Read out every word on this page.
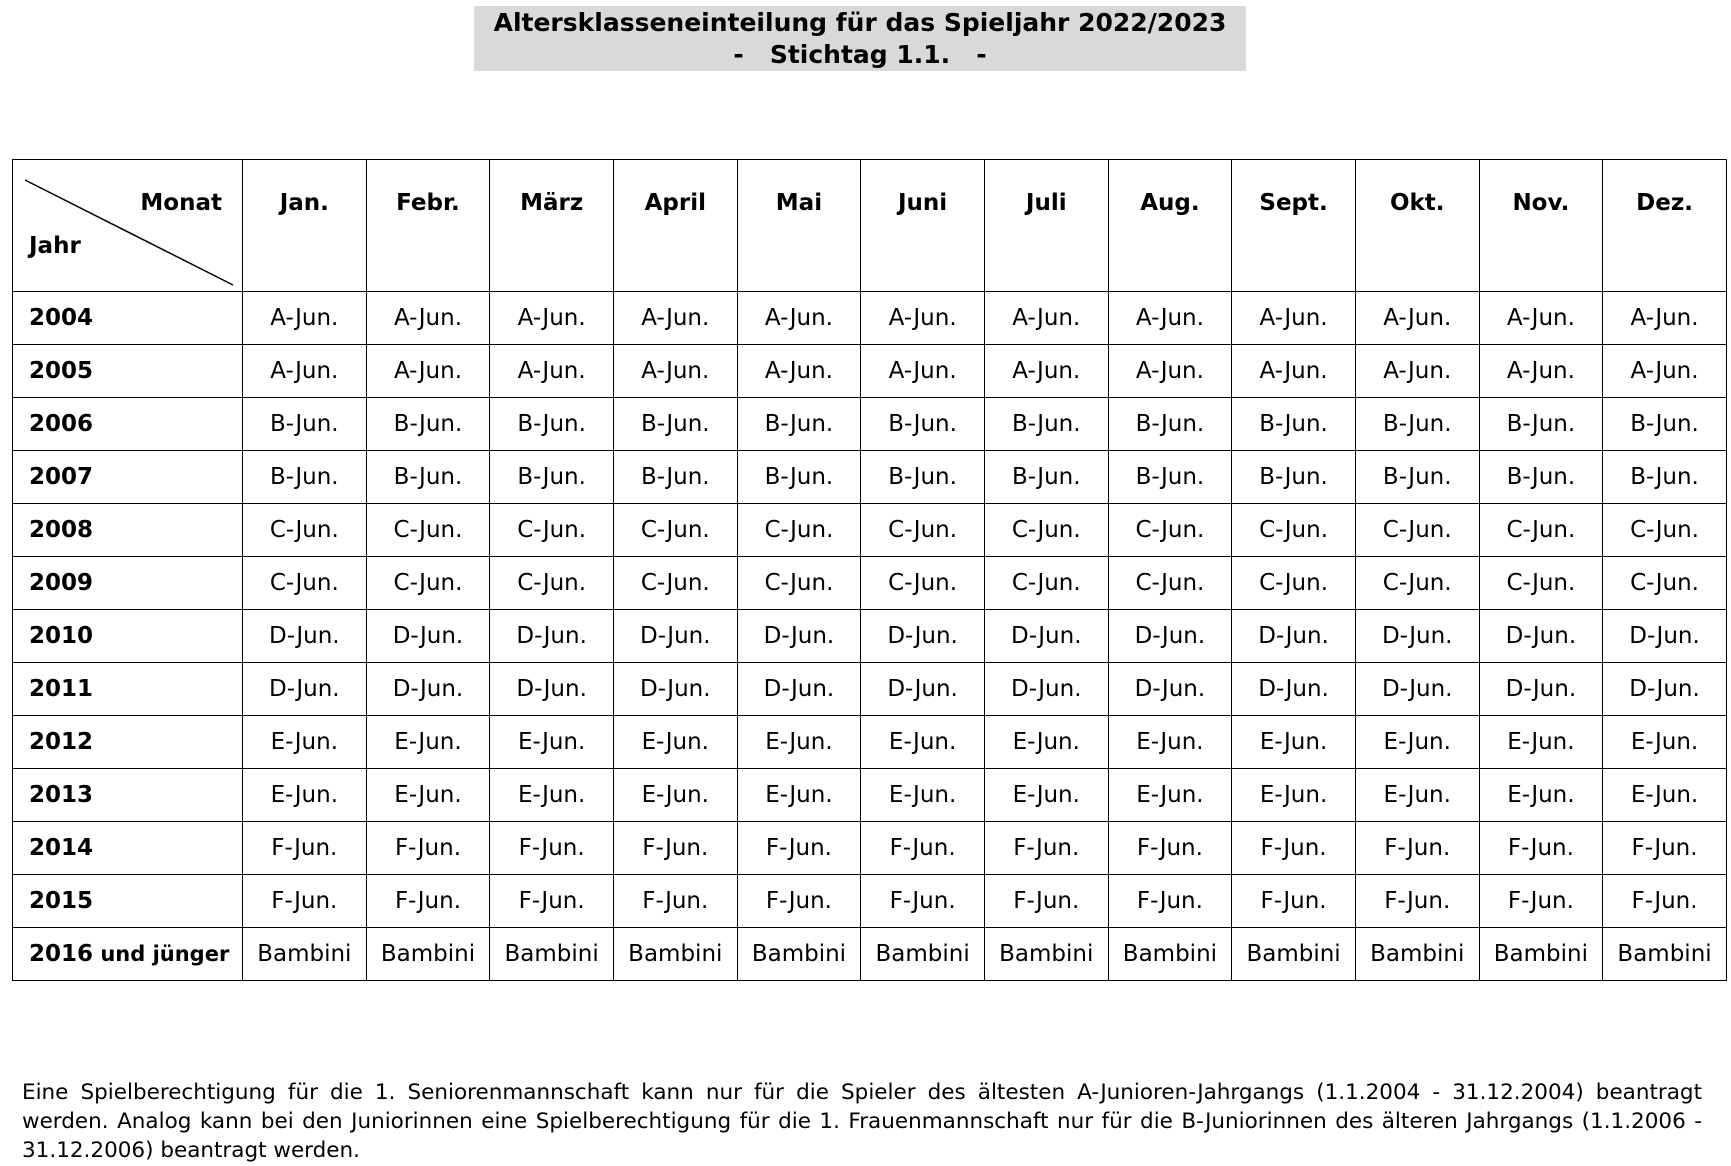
Altersklasseneinteilung für das Spieljahr 2022/2023
-   Stichtag 1.1.   -
Monat
Jahr	Jan.	Febr.	März	April	Mai	Juni	Juli	Aug.	Sept.	Okt.	Nov.	Dez.
2004	A-Jun.	A-Jun.	A-Jun.	A-Jun.	A-Jun.	A-Jun.	A-Jun.	A-Jun.	A-Jun.	A-Jun.	A-Jun.	A-Jun.
2005	A-Jun.	A-Jun.	A-Jun.	A-Jun.	A-Jun.	A-Jun.	A-Jun.	A-Jun.	A-Jun.	A-Jun.	A-Jun.	A-Jun.
2006	B-Jun.	B-Jun.	B-Jun.	B-Jun.	B-Jun.	B-Jun.	B-Jun.	B-Jun.	B-Jun.	B-Jun.	B-Jun.	B-Jun.
2007	B-Jun.	B-Jun.	B-Jun.	B-Jun.	B-Jun.	B-Jun.	B-Jun.	B-Jun.	B-Jun.	B-Jun.	B-Jun.	B-Jun.
2008	C-Jun.	C-Jun.	C-Jun.	C-Jun.	C-Jun.	C-Jun.	C-Jun.	C-Jun.	C-Jun.	C-Jun.	C-Jun.	C-Jun.
2009	C-Jun.	C-Jun.	C-Jun.	C-Jun.	C-Jun.	C-Jun.	C-Jun.	C-Jun.	C-Jun.	C-Jun.	C-Jun.	C-Jun.
2010	D-Jun.	D-Jun.	D-Jun.	D-Jun.	D-Jun.	D-Jun.	D-Jun.	D-Jun.	D-Jun.	D-Jun.	D-Jun.	D-Jun.
2011	D-Jun.	D-Jun.	D-Jun.	D-Jun.	D-Jun.	D-Jun.	D-Jun.	D-Jun.	D-Jun.	D-Jun.	D-Jun.	D-Jun.
2012	E-Jun.	E-Jun.	E-Jun.	E-Jun.	E-Jun.	E-Jun.	E-Jun.	E-Jun.	E-Jun.	E-Jun.	E-Jun.	E-Jun.
2013	E-Jun.	E-Jun.	E-Jun.	E-Jun.	E-Jun.	E-Jun.	E-Jun.	E-Jun.	E-Jun.	E-Jun.	E-Jun.	E-Jun.
2014	F-Jun.	F-Jun.	F-Jun.	F-Jun.	F-Jun.	F-Jun.	F-Jun.	F-Jun.	F-Jun.	F-Jun.	F-Jun.	F-Jun.
2015	F-Jun.	F-Jun.	F-Jun.	F-Jun.	F-Jun.	F-Jun.	F-Jun.	F-Jun.	F-Jun.	F-Jun.	F-Jun.	F-Jun.
2016 und jünger	Bambini	Bambini	Bambini	Bambini	Bambini	Bambini	Bambini	Bambini	Bambini	Bambini	Bambini	Bambini
Eine Spielberechtigung für die 1. Seniorenmannschaft kann nur für die Spieler des ältesten A-Junioren-Jahrgangs (1.1.2004 - 31.12.2004) beantragt werden. Analog kann bei den Juniorinnen eine Spielberechtigung für die 1. Frauenmannschaft nur für die B-Juniorinnen des älteren Jahrgangs (1.1.2006 - 31.12.2006) beantragt werden.
